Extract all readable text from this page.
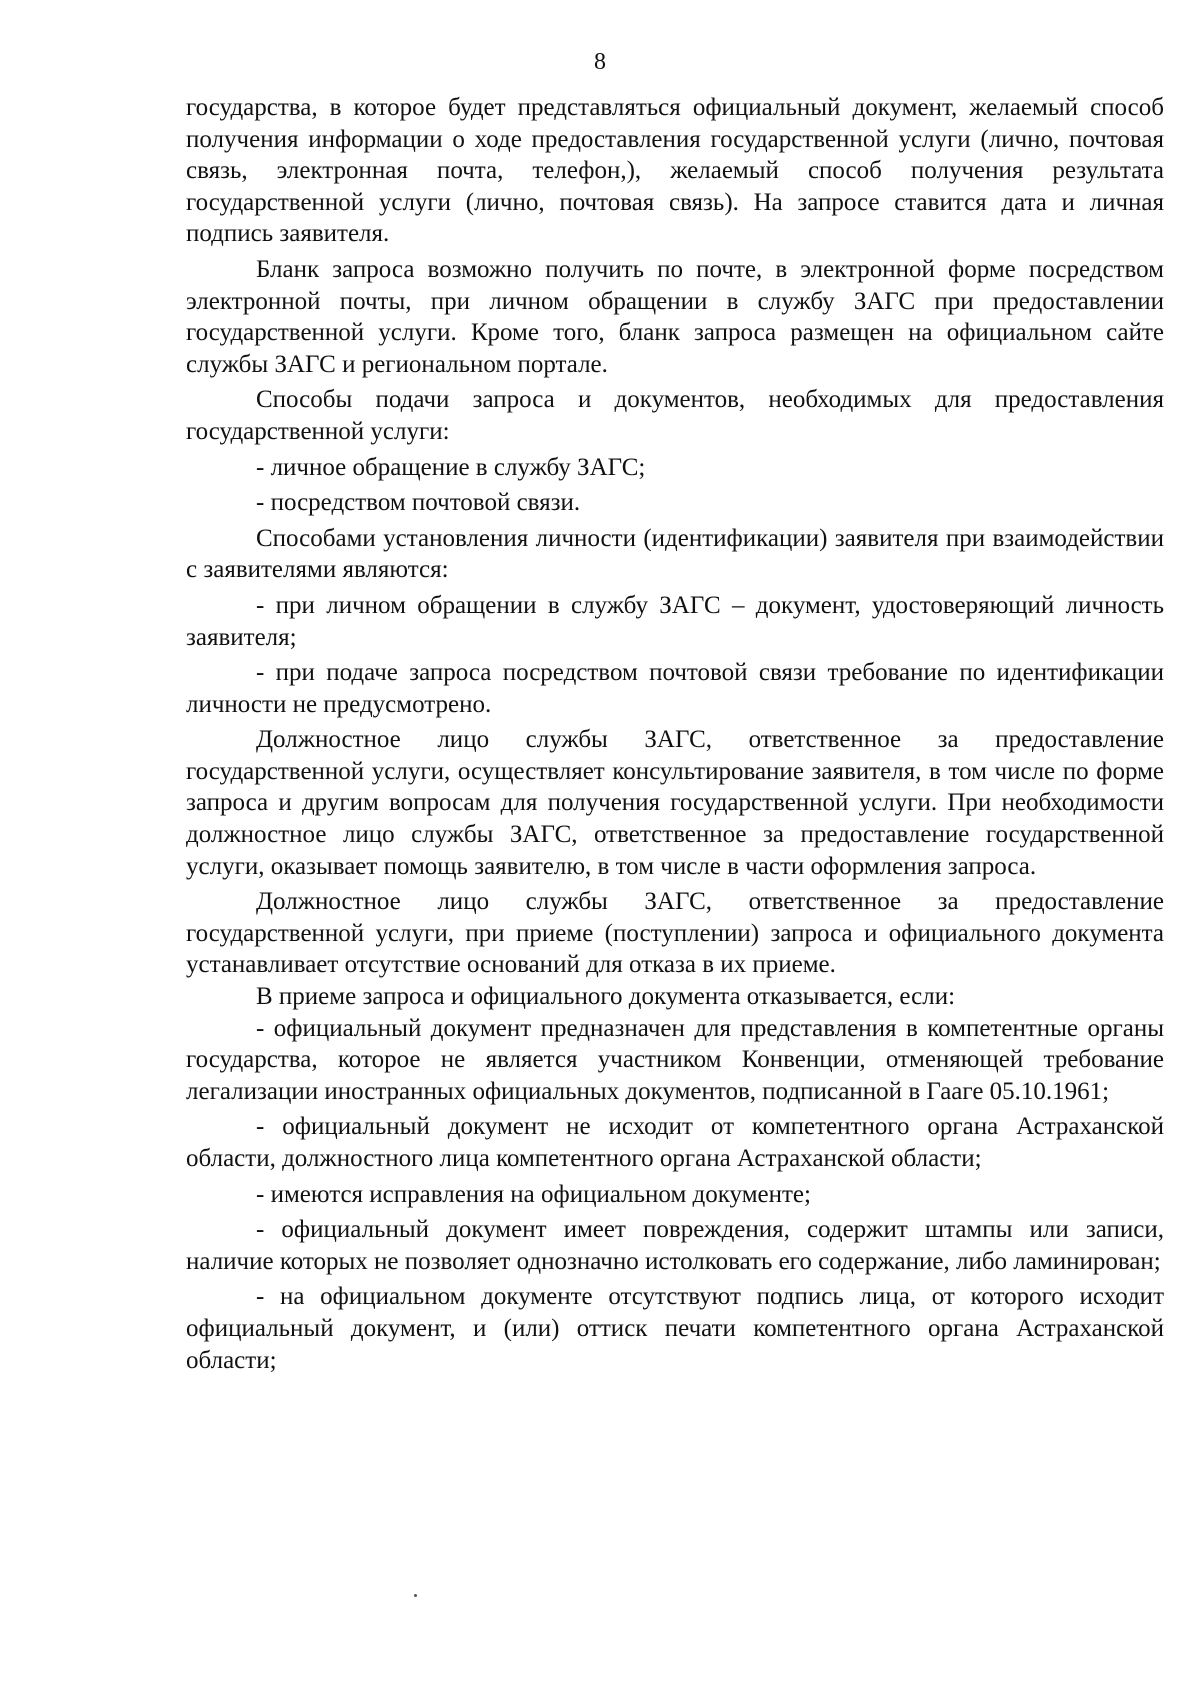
8

государства, в которое будет представляться официальный документ, желаемый способ получения информации о ходе предоставления государственной услуги (лично, почтовая связь, электронная почта, телефон,), желаемый способ получения результата государственной услуги (лично, почтовая связь). На запросе ставится дата и личная подпись заявителя.

Бланк запроса возможно получить по почте, в электронной форме посредством электронной почты, при личном обращении в службу ЗАГС при предоставлении государственной услуги. Кроме того, бланк запроса размещен на официальном сайте службы ЗАГС и региональном портале.

Способы подачи запроса и документов, необходимых для предоставления государственной услуги:

- личное обращение в службу ЗАГС;

- посредством почтовой связи.

Способами установления личности (идентификации) заявителя при взаимодействии с заявителями являются:

- при личном обращении в службу ЗАГС – документ, удостоверяющий личность заявителя;

- при подаче запроса посредством почтовой связи требование по идентификации личности не предусмотрено.

Должностное лицо службы ЗАГС, ответственное за предоставление государственной услуги, осуществляет консультирование заявителя, в том числе по форме запроса и другим вопросам для получения государственной услуги. При необходимости должностное лицо службы ЗАГС, ответственное за предоставление государственной услуги, оказывает помощь заявителю, в том числе в части оформления запроса.

Должностное лицо службы ЗАГС, ответственное за предоставление государственной услуги, при приеме (поступлении) запроса и официального документа устанавливает отсутствие оснований для отказа в их приеме.

В приеме запроса и официального документа отказывается, если:

- официальный документ предназначен для представления в компетентные органы государства, которое не является участником Конвенции, отменяющей требование легализации иностранных официальных документов, подписанной в Гааге 05.10.1961;

- официальный документ не исходит от компетентного органа Астраханской области, должностного лица компетентного органа Астраханской области;

- имеются исправления на официальном документе;

- официальный документ имеет повреждения, содержит штампы или записи, наличие которых не позволяет однозначно истолковать его содержание, либо ламинирован;

- на официальном документе отсутствуют подпись лица, от которого исходит официальный документ, и (или) оттиск печати компетентного органа Астраханской области;
